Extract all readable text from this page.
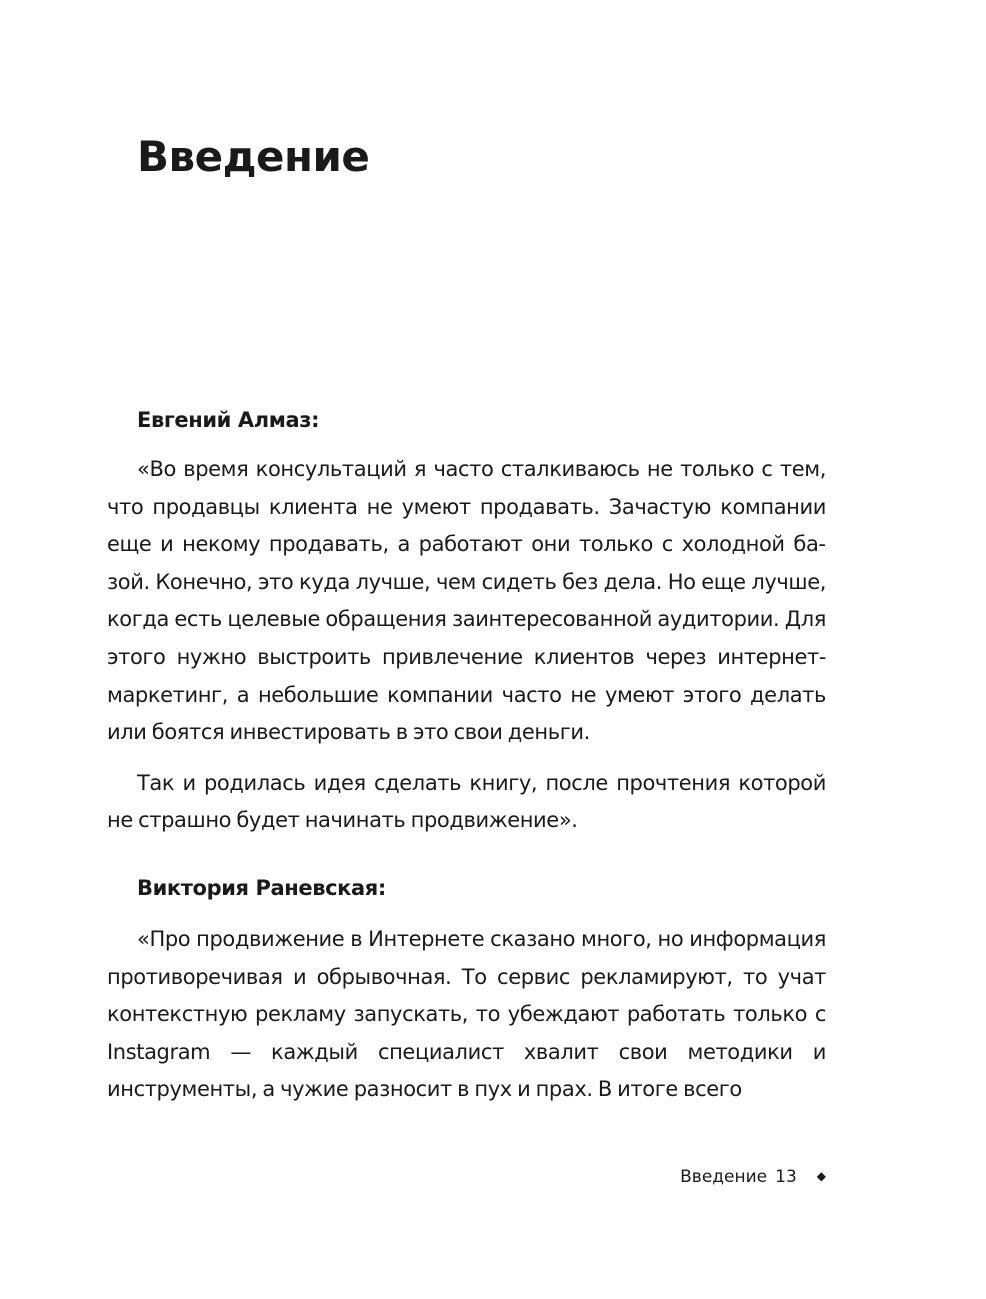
Введение
Евгений Алмаз:

«Во время консультаций я часто сталкиваюсь не только с тем, что продавцы клиента не умеют продавать. Зачастую компании еще и некому продавать, а работают они только с холодной базой. Конечно, это куда лучше, чем сидеть без дела. Но еще лучше, когда есть целевые обращения заинтересованной аудитории. Для этого нужно выстроить привлечение клиентов через интернет-маркетинг, а небольшие компании часто не умеют этого делать или боятся инвестировать в это свои деньги.

Так и родилась идея сделать книгу, после прочтения которой не страшно будет начинать продвижение».

Виктория Раневская:

«Про продвижение в Интернете сказано много, но информация противоречивая и обрывочная. То сервис рекламируют, то учат контекстную рекламу запускать, то убеждают работать только с Instagram — каждый специалист хвалит свои методики и инструменты, а чужие разносит в пух и прах. В итоге всего

Введение 13 ◆
